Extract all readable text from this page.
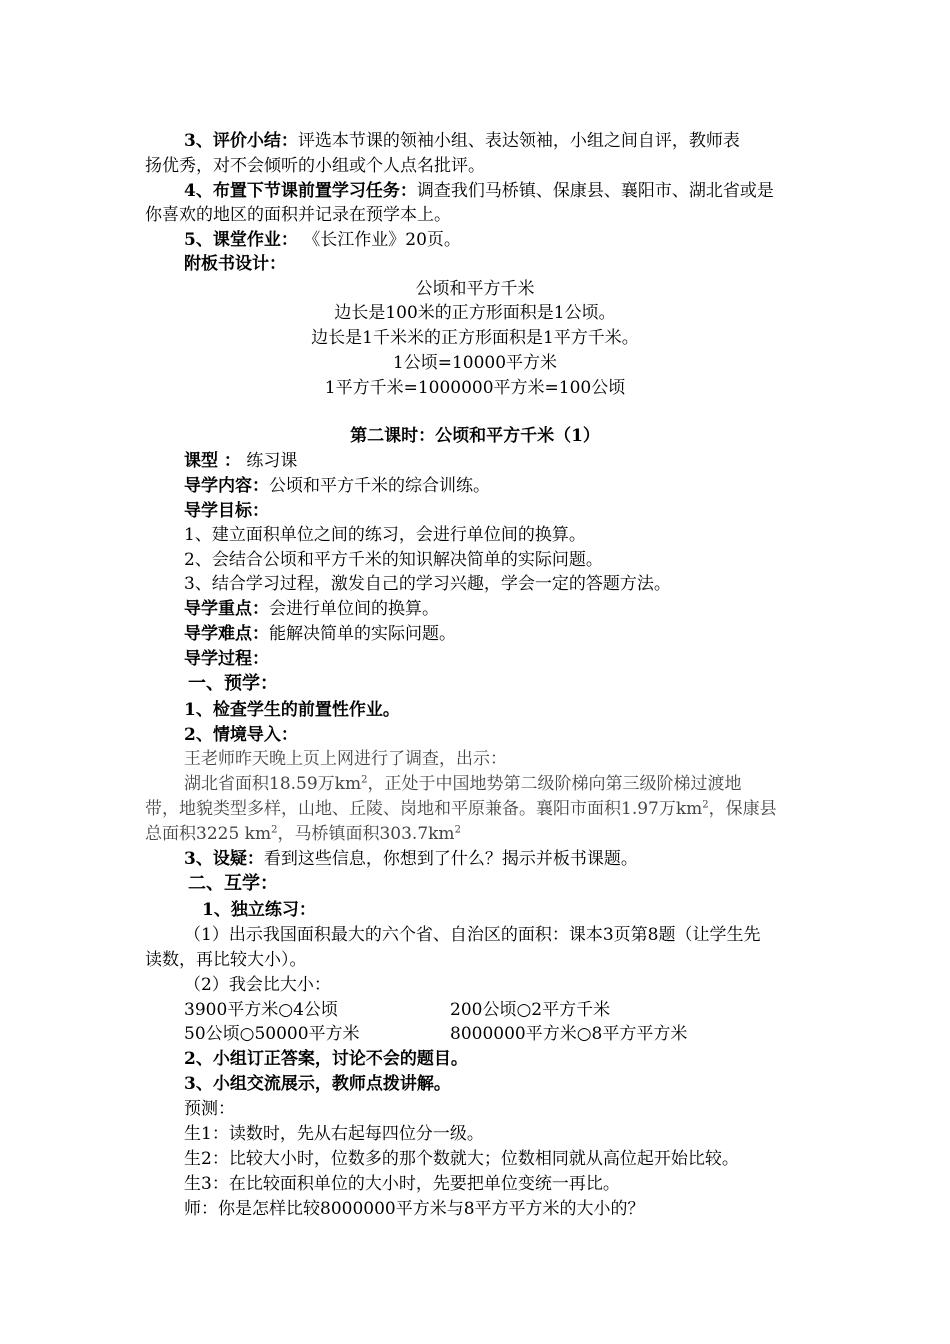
3、评价小结：评选本节课的领袖小组、表达领袖，小组之间自评，教师表
扬优秀，对不会倾听的小组或个人点名批评。
4、布置下节课前置学习任务：调查我们马桥镇、保康县、襄阳市、湖北省或是
你喜欢的地区的面积并记录在预学本上。
5、课堂作业： 《长江作业》20页。
附板书设计：
公顷和平方千米
边长是100米的正方形面积是1公顷。
边长是1千米米的正方形面积是1平方千米。
1公顷=10000平方米
1平方千米=1000000平方米=100公顷
第二课时：公顷和平方千米（1）
课型 ： 练习课
导学内容：公顷和平方千米的综合训练。
导学目标：
1、建立面积单位之间的练习，会进行单位间的换算。
2、会结合公顷和平方千米的知识解决简单的实际问题。
3、结合学习过程，激发自己的学习兴趣，学会一定的答题方法。
导学重点：会进行单位间的换算。
导学难点：能解决简单的实际问题。
导学过程：
一、预学：
1、检查学生的前置性作业。
2、情境导入：
王老师昨天晚上页上网进行了调查，出示：
湖北省面积18.59万$km^2$，正处于中国地势第二级阶梯向第三级阶梯过渡地
带，地貌类型多样，山地、丘陵、岗地和平原兼备。襄阳市面积1.97万$km^2$，保康县
总面积3225 $km^2$，马桥镇面积$303.7km^2$
3、设疑：看到这些信息，你想到了什么？揭示并板书课题。
二、互学：
1、独立练习：
（1）出示我国面积最大的六个省、自治区的面积：课本3页第8题（让学生先
读数，再比较大小）。
（2）我会比大小：
3900平方米○4公顷	200公顷○2平方千米
50公顷○50000平方米	8000000平方米○8平方平方米
2、小组订正答案，讨论不会的题目。
3、小组交流展示，教师点拨讲解。
预测：
生1：读数时，先从右起每四位分一级。
生2：比较大小时，位数多的那个数就大；位数相同就从高位起开始比较。
生3：在比较面积单位的大小时，先要把单位变统一再比。
师：你是怎样比较8000000平方米与8平方平方米的大小的？
